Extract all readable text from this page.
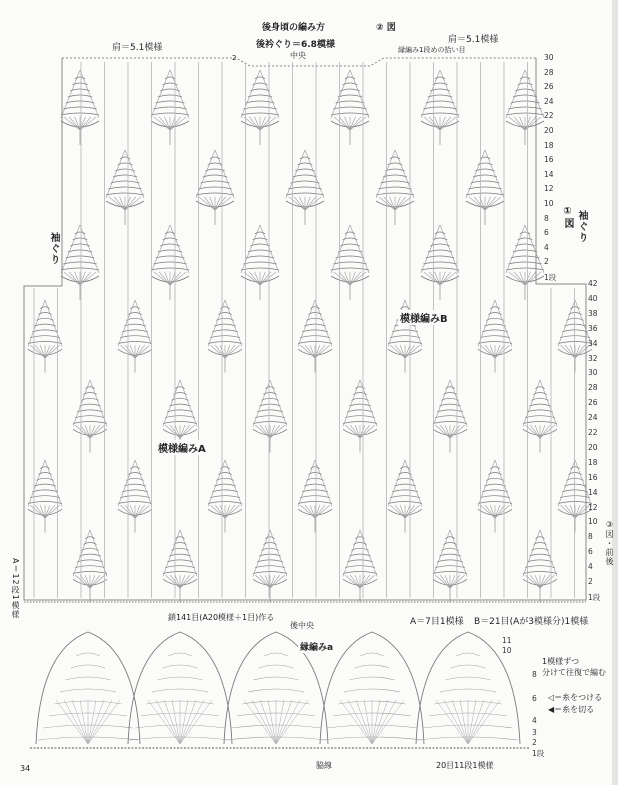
後身頃の編み方	② 図
後衿ぐり＝6.8模様
肩＝5.1模様
肩＝5.1模様
中央
縁編み1段めの拾い目
2
袖ぐり
①図 袖ぐり
③図・前後
A＝12段1模様
模様編みA
模様編みB
鎖141目(A20模様＋1目)作る
後中央	A＝7目1模様 B＝21目(Aが3模様分)1模様
30
28
26
24
22
20
18
16
14
12
10
8
6
4
2
1段
42
40
38
36
34
32
30
28
26
24
22
20
18
16
14
12
10
8
6
4
2
1段
11
10
8
6
4
3
2
1段
縁編みa
1模様ずつ
分けて往復で編む
◁＝糸をつける
◀＝糸を切る
脇線	20目11段1模様
34
